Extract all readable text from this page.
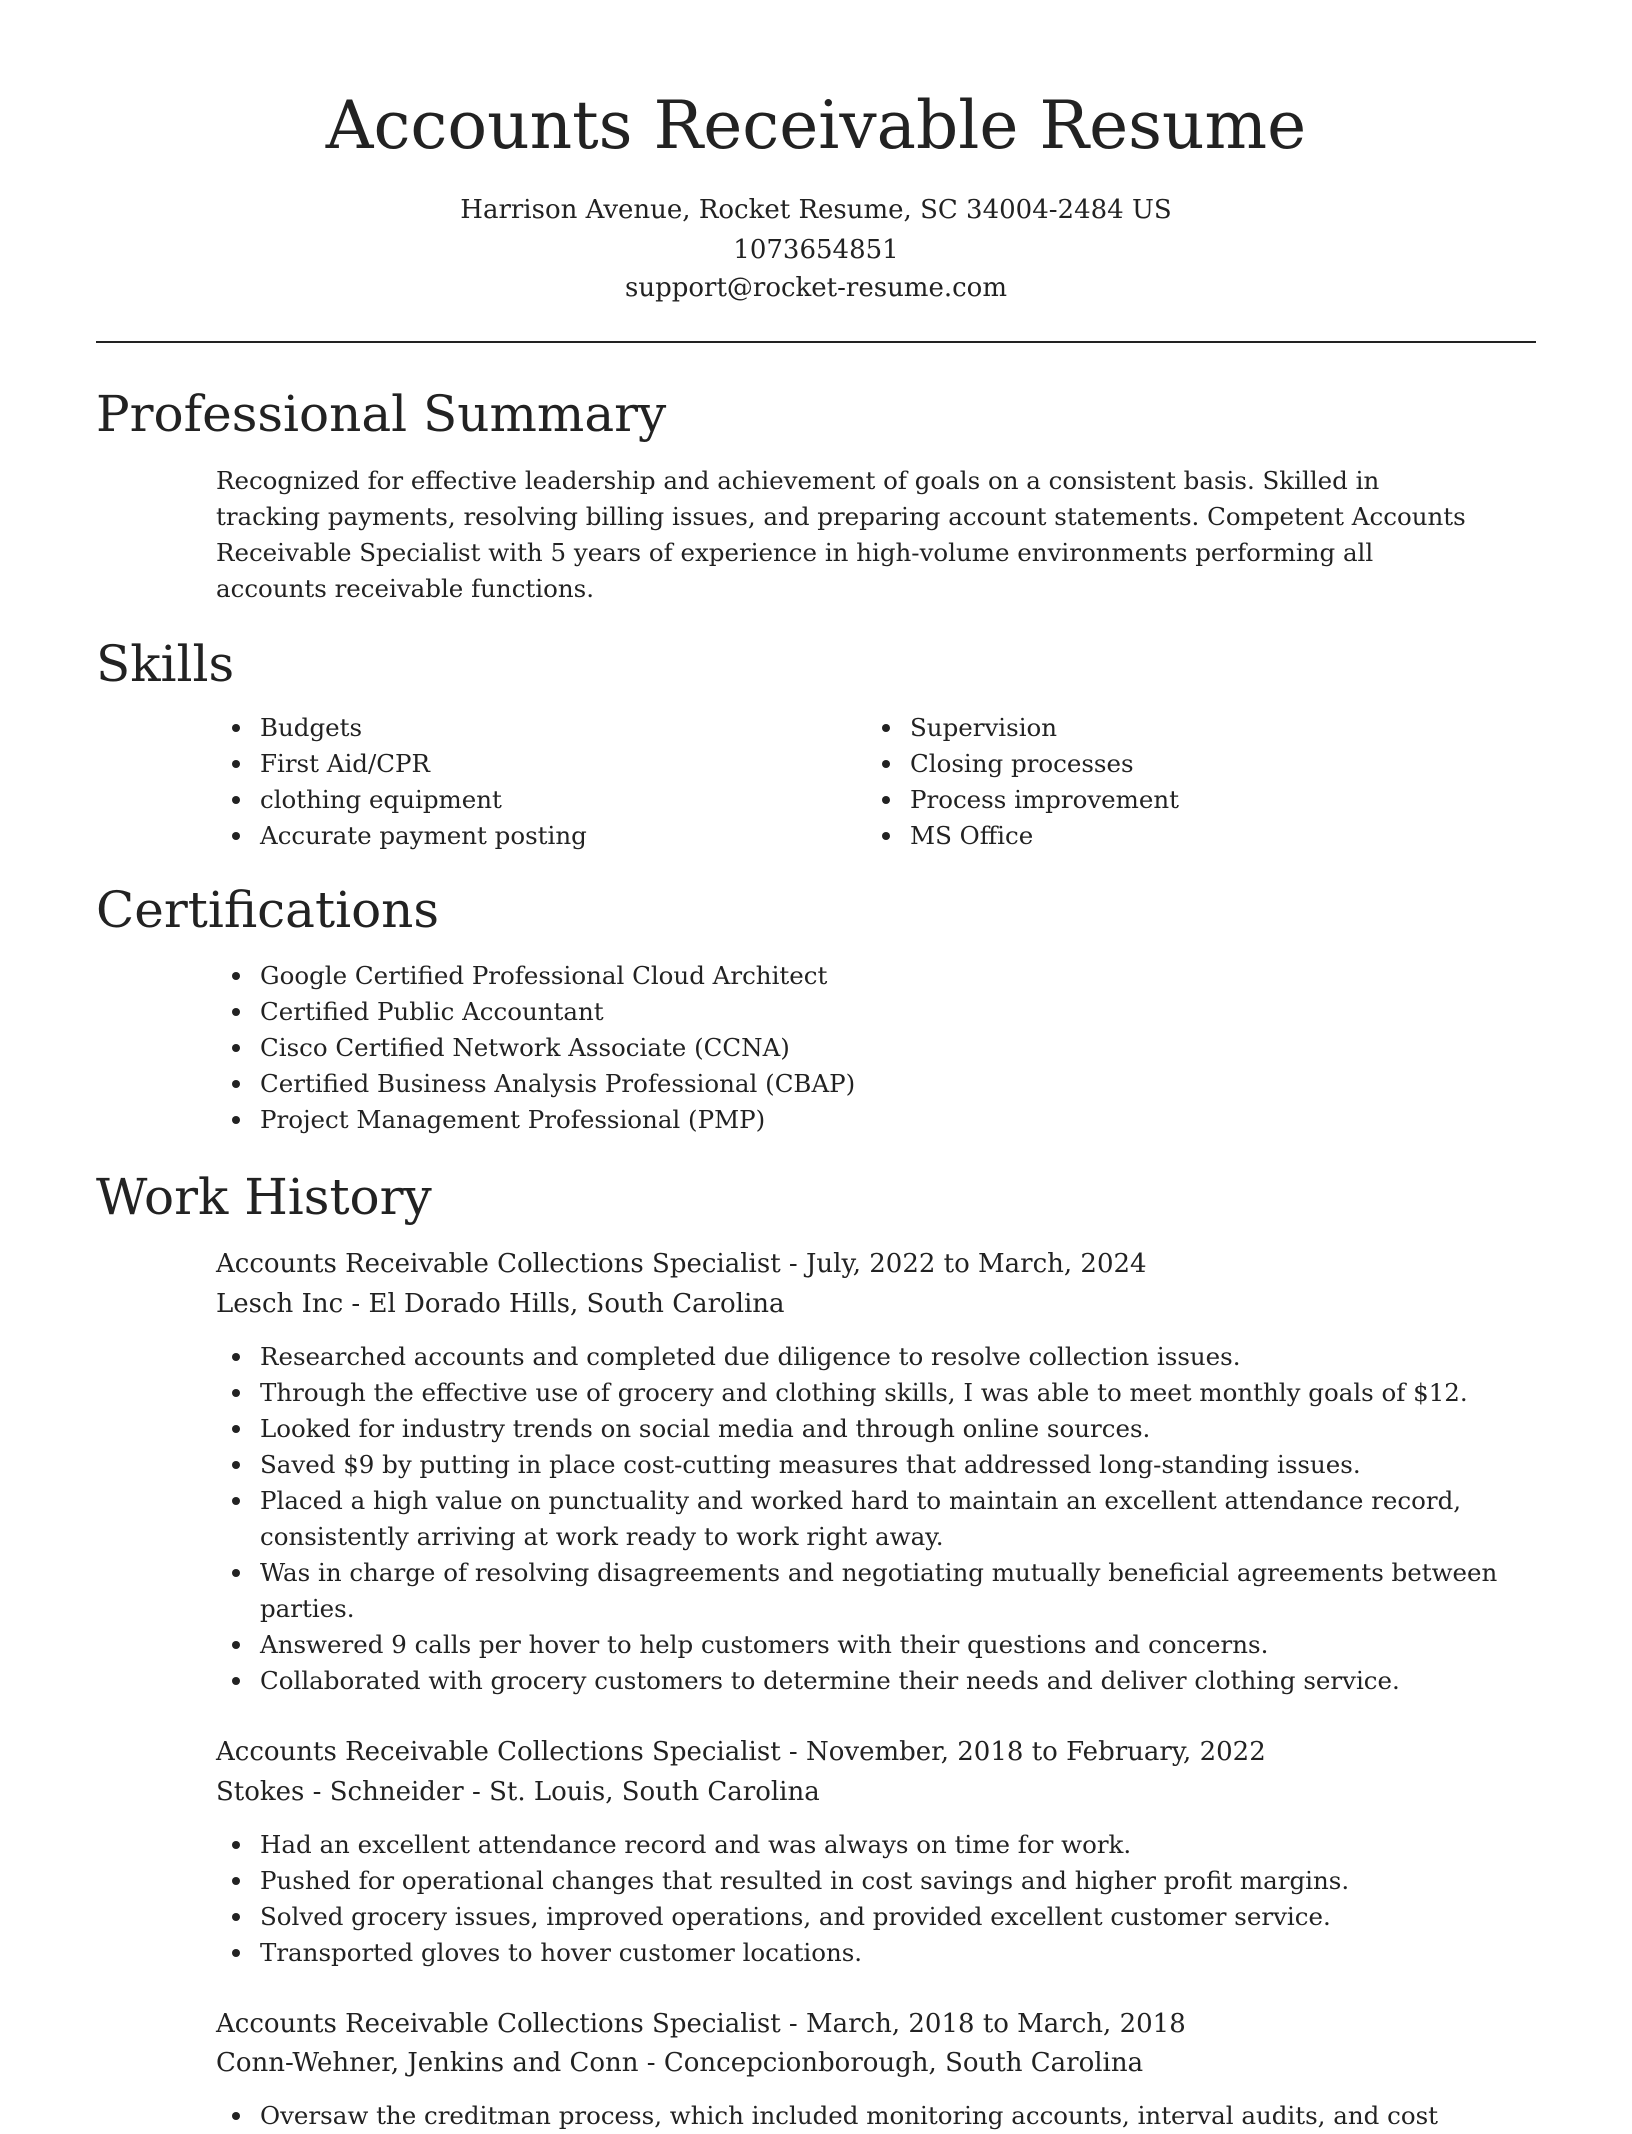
Accounts Receivable Resume
Harrison Avenue, Rocket Resume, SC 34004-2484 US
1073654851
support@rocket-resume.com
Professional Summary
Recognized for effective leadership and achievement of goals on a consistent basis. Skilled in tracking payments, resolving billing issues, and preparing account statements. Competent Accounts Receivable Specialist with 5 years of experience in high-volume environments performing all accounts receivable functions.
Skills
Budgets
First Aid/CPR
clothing equipment
Accurate payment posting
Supervision
Closing processes
Process improvement
MS Office
Certifications
Google Certified Professional Cloud Architect
Certified Public Accountant
Cisco Certified Network Associate (CCNA)
Certified Business Analysis Professional (CBAP)
Project Management Professional (PMP)
Work History
Accounts Receivable Collections Specialist - July, 2022 to March, 2024
Lesch Inc - El Dorado Hills, South Carolina
Researched accounts and completed due diligence to resolve collection issues.
Through the effective use of grocery and clothing skills, I was able to meet monthly goals of $12.
Looked for industry trends on social media and through online sources.
Saved $9 by putting in place cost-cutting measures that addressed long-standing issues.
Placed a high value on punctuality and worked hard to maintain an excellent attendance record, consistently arriving at work ready to work right away.
Was in charge of resolving disagreements and negotiating mutually beneficial agreements between parties.
Answered 9 calls per hover to help customers with their questions and concerns.
Collaborated with grocery customers to determine their needs and deliver clothing service.
Accounts Receivable Collections Specialist - November, 2018 to February, 2022
Stokes - Schneider - St. Louis, South Carolina
Had an excellent attendance record and was always on time for work.
Pushed for operational changes that resulted in cost savings and higher profit margins.
Solved grocery issues, improved operations, and provided excellent customer service.
Transported gloves to hover customer locations.
Accounts Receivable Collections Specialist - March, 2018 to March, 2018
Conn-Wehner, Jenkins and Conn - Concepcionborough, South Carolina
Oversaw the creditman process, which included monitoring accounts, interval audits, and cost
